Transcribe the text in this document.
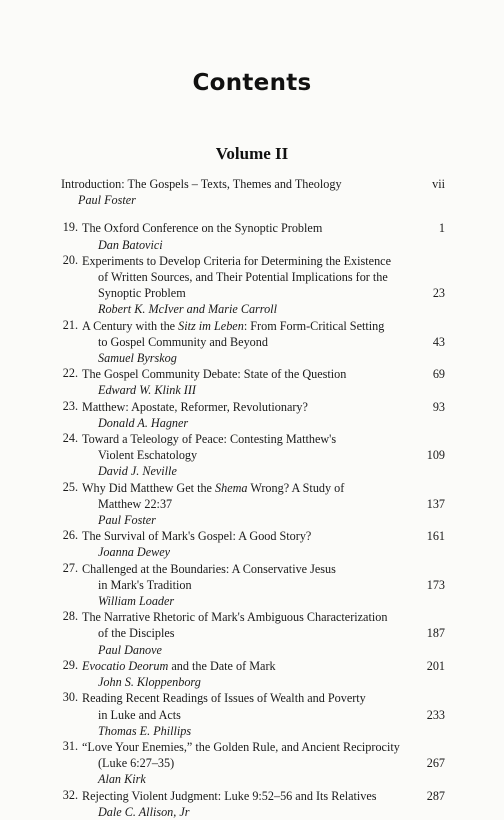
Contents
Volume II
Introduction: The Gospels – Texts, Themes and Theology	vii
Paul Foster
19. The Oxford Conference on the Synoptic Problem	1
Dan Batovici
20. Experiments to Develop Criteria for Determining the Existence
of Written Sources, and Their Potential Implications for the
Synoptic Problem	23
Robert K. McIver and Marie Carroll
21. A Century with the Sitz im Leben: From Form-Critical Setting
to Gospel Community and Beyond	43
Samuel Byrskog
22. The Gospel Community Debate: State of the Question	69
Edward W. Klink III
23. Matthew: Apostate, Reformer, Revolutionary?	93
Donald A. Hagner
24. Toward a Teleology of Peace: Contesting Matthew's
Violent Eschatology	109
David J. Neville
25. Why Did Matthew Get the Shema Wrong? A Study of
Matthew 22:37	137
Paul Foster
26. The Survival of Mark's Gospel: A Good Story?	161
Joanna Dewey
27. Challenged at the Boundaries: A Conservative Jesus
in Mark's Tradition	173
William Loader
28. The Narrative Rhetoric of Mark's Ambiguous Characterization
of the Disciples	187
Paul Danove
29. Evocatio Deorum and the Date of Mark	201
John S. Kloppenborg
30. Reading Recent Readings of Issues of Wealth and Poverty
in Luke and Acts	233
Thomas E. Phillips
31. “Love Your Enemies,” the Golden Rule, and Ancient Reciprocity
(Luke 6:27–35)	267
Alan Kirk
32. Rejecting Violent Judgment: Luke 9:52–56 and Its Relatives	287
Dale C. Allison, Jr
